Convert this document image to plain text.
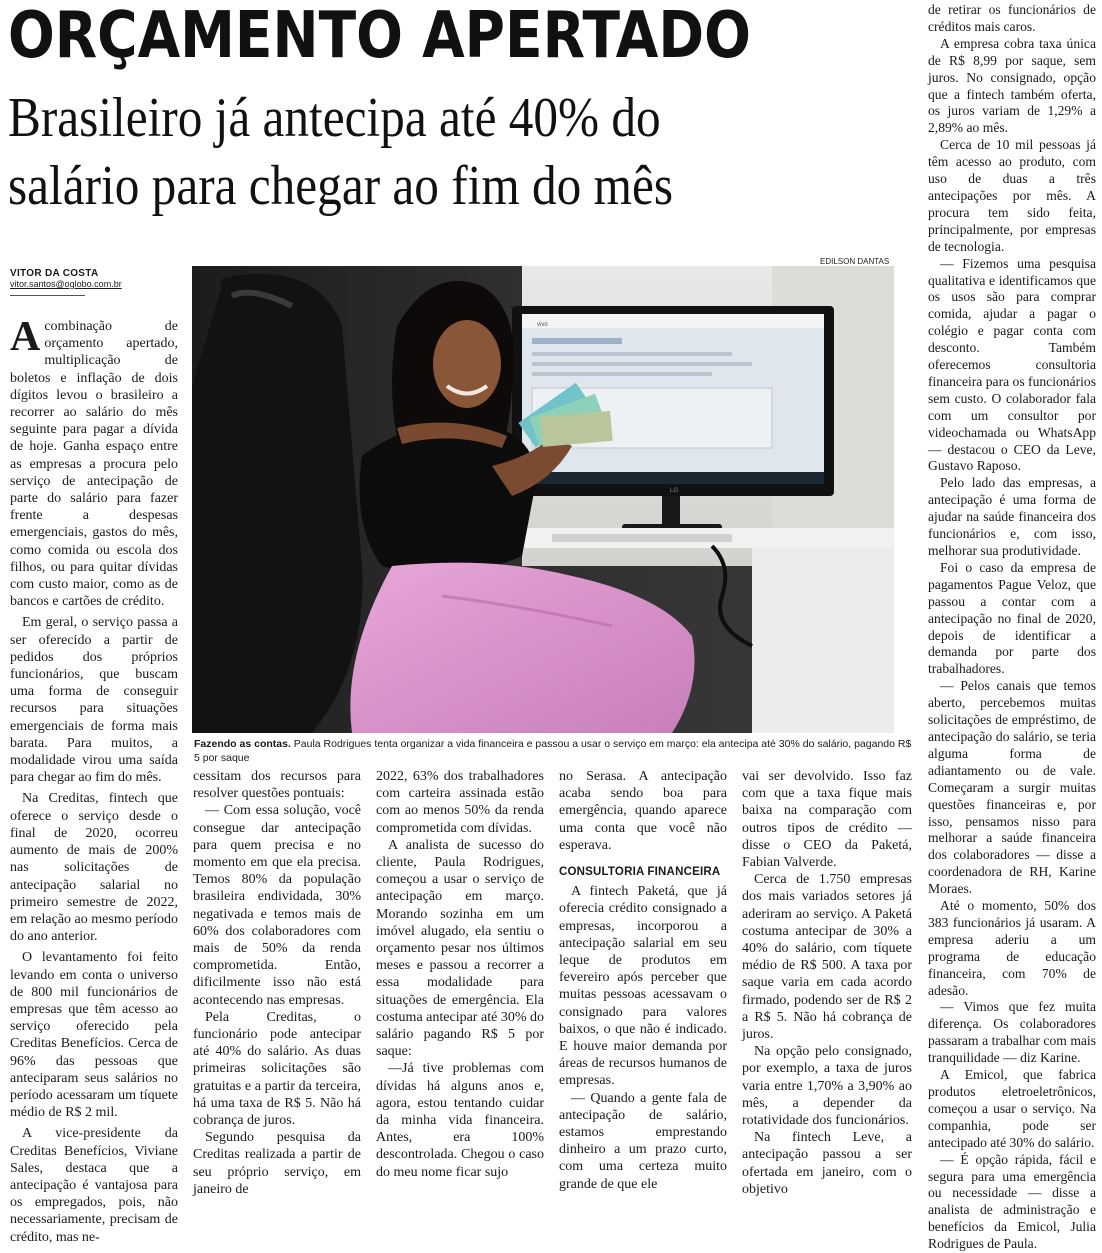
ORÇAMENTO APERTADO
Brasileiro já antecipa até 40% do
salário para chegar ao fim do mês
VITOR DA COSTA
vitor.santos@oglobo.com.br
EDILSON DANTAS
LG
vivo
Fazendo as contas. Paula Rodrigues tenta organizar a vida financeira e passou a usar o serviço em março: ela antecipa até 30% do salário, pagando R$ 5 por saque

Acombinação de orçamento apertado, multiplicação de boletos e inflação de dois dígitos levou o brasileiro a recorrer ao salário do mês seguinte para pagar a dívida de hoje. Ganha espaço entre as empresas a procura pelo serviço de antecipação de parte do salário para fazer frente a despesas emergenciais, gastos do mês, como comida ou escola dos filhos, ou para quitar dívidas com custo maior, como as de bancos e cartões de crédito.

Em geral, o serviço passa a ser oferecido a partir de pedidos dos próprios funcionários, que buscam uma forma de conseguir recursos para situações emergenciais de forma mais barata. Para muitos, a modalidade virou uma saída para chegar ao fim do mês.

Na Creditas, fintech que oferece o serviço desde o final de 2020, ocorreu aumento de mais de 200% nas solicitações de antecipação salarial no primeiro semestre de 2022, em relação ao mesmo período do ano anterior.

O levantamento foi feito levando em conta o universo de 800 mil funcionários de empresas que têm acesso ao serviço oferecido pela Creditas Benefícios. Cerca de 96% das pessoas que anteciparam seus salários no período acessaram um tíquete médio de R$ 2 mil.

A vice-presidente da Creditas Benefícios, Viviane Sales, destaca que a antecipação é vantajosa para os empregados, pois, não necessariamente, precisam de crédito, mas ne-

cessitam dos recursos para resolver questões pontuais:

— Com essa solução, você consegue dar antecipação para quem precisa e no momento em que ela precisa. Temos 80% da população brasileira endividada, 30% negativada e temos mais de 60% dos colaboradores com mais de 50% da renda comprometida. Então, dificilmente isso não está acontecendo nas empresas.

Pela Creditas, o funcionário pode antecipar até 40% do salário. As duas primeiras solicitações são gratuitas e a partir da terceira, há uma taxa de R$ 5. Não há cobrança de juros.

Segundo pesquisa da Creditas realizada a partir de seu próprio serviço, em janeiro de

2022, 63% dos trabalhadores com carteira assinada estão com ao menos 50% da renda comprometida com dívidas.

A analista de sucesso do cliente, Paula Rodrigues, começou a usar o serviço de antecipação em março. Morando sozinha em um imóvel alugado, ela sentiu o orçamento pesar nos últimos meses e passou a recorrer a essa modalidade para situações de emergência. Ela costuma antecipar até 30% do salário pagando R$ 5 por saque:

—Já tive problemas com dívidas há alguns anos e, agora, estou tentando cuidar da minha vida financeira. Antes, era 100% descontrolada. Chegou o caso do meu nome ficar sujo

no Serasa. A antecipação acaba sendo boa para emergência, quando aparece uma conta que você não esperava.

CONSULTORIA FINANCEIRA

A fintech Paketá, que já oferecia crédito consignado a empresas, incorporou a antecipação salarial em seu leque de produtos em fevereiro após perceber que muitas pessoas acessavam o consignado para valores baixos, o que não é indicado. E houve maior demanda por áreas de recursos humanos de empresas.

— Quando a gente fala de antecipação de salário, estamos emprestando dinheiro a um prazo curto, com uma certeza muito grande de que ele

vai ser devolvido. Isso faz com que a taxa fique mais baixa na comparação com outros tipos de crédito — disse o CEO da Paketá, Fabian Valverde.

Cerca de 1.750 empresas dos mais variados setores já aderiram ao serviço. A Paketá costuma antecipar de 30% a 40% do salário, com tíquete médio de R$ 500. A taxa por saque varia em cada acordo firmado, podendo ser de R$ 2 a R$ 5. Não há cobrança de juros.

Na opção pelo consignado, por exemplo, a taxa de juros varia entre 1,70% a 3,90% ao mês, a depender da rotatividade dos funcionários.

Na fintech Leve, a antecipação passou a ser ofertada em janeiro, com o objetivo

de retirar os funcionários de créditos mais caros.

A empresa cobra taxa única de R$ 8,99 por saque, sem juros. No consignado, opção que a fintech também oferta, os juros variam de 1,29% a 2,89% ao mês.

Cerca de 10 mil pessoas já têm acesso ao produto, com uso de duas a três antecipações por mês. A procura tem sido feita, principalmente, por empresas de tecnologia.

— Fizemos uma pesquisa qualitativa e identificamos que os usos são para comprar comida, ajudar a pagar o colégio e pagar conta com desconto. Também oferecemos consultoria financeira para os funcionários sem custo. O colaborador fala com um consultor por videochamada ou WhatsApp — destacou o CEO da Leve, Gustavo Raposo.

Pelo lado das empresas, a antecipação é uma forma de ajudar na saúde financeira dos funcionários e, com isso, melhorar sua produtividade.

Foi o caso da empresa de pagamentos Pague Veloz, que passou a contar com a antecipação no final de 2020, depois de identificar a demanda por parte dos trabalhadores.

— Pelos canais que temos aberto, percebemos muitas solicitações de empréstimo, de antecipação do salário, se teria alguma forma de adiantamento ou de vale. Começaram a surgir muitas questões financeiras e, por isso, pensamos nisso para melhorar a saúde financeira dos colaboradores — disse a coordenadora de RH, Karine Moraes.

Até o momento, 50% dos 383 funcionários já usaram. A empresa aderiu a um programa de educação financeira, com 70% de adesão.

— Vimos que fez muita diferença. Os colaboradores passaram a trabalhar com mais tranquilidade — diz Karine.

A Emicol, que fabrica produtos eletroeletrônicos, começou a usar o serviço. Na companhia, pode ser antecipado até 30% do salário.

— É opção rápida, fácil e segura para uma emergência ou necessidade — disse a analista de administração e benefícios da Emicol, Julia Rodrigues de Paula.
